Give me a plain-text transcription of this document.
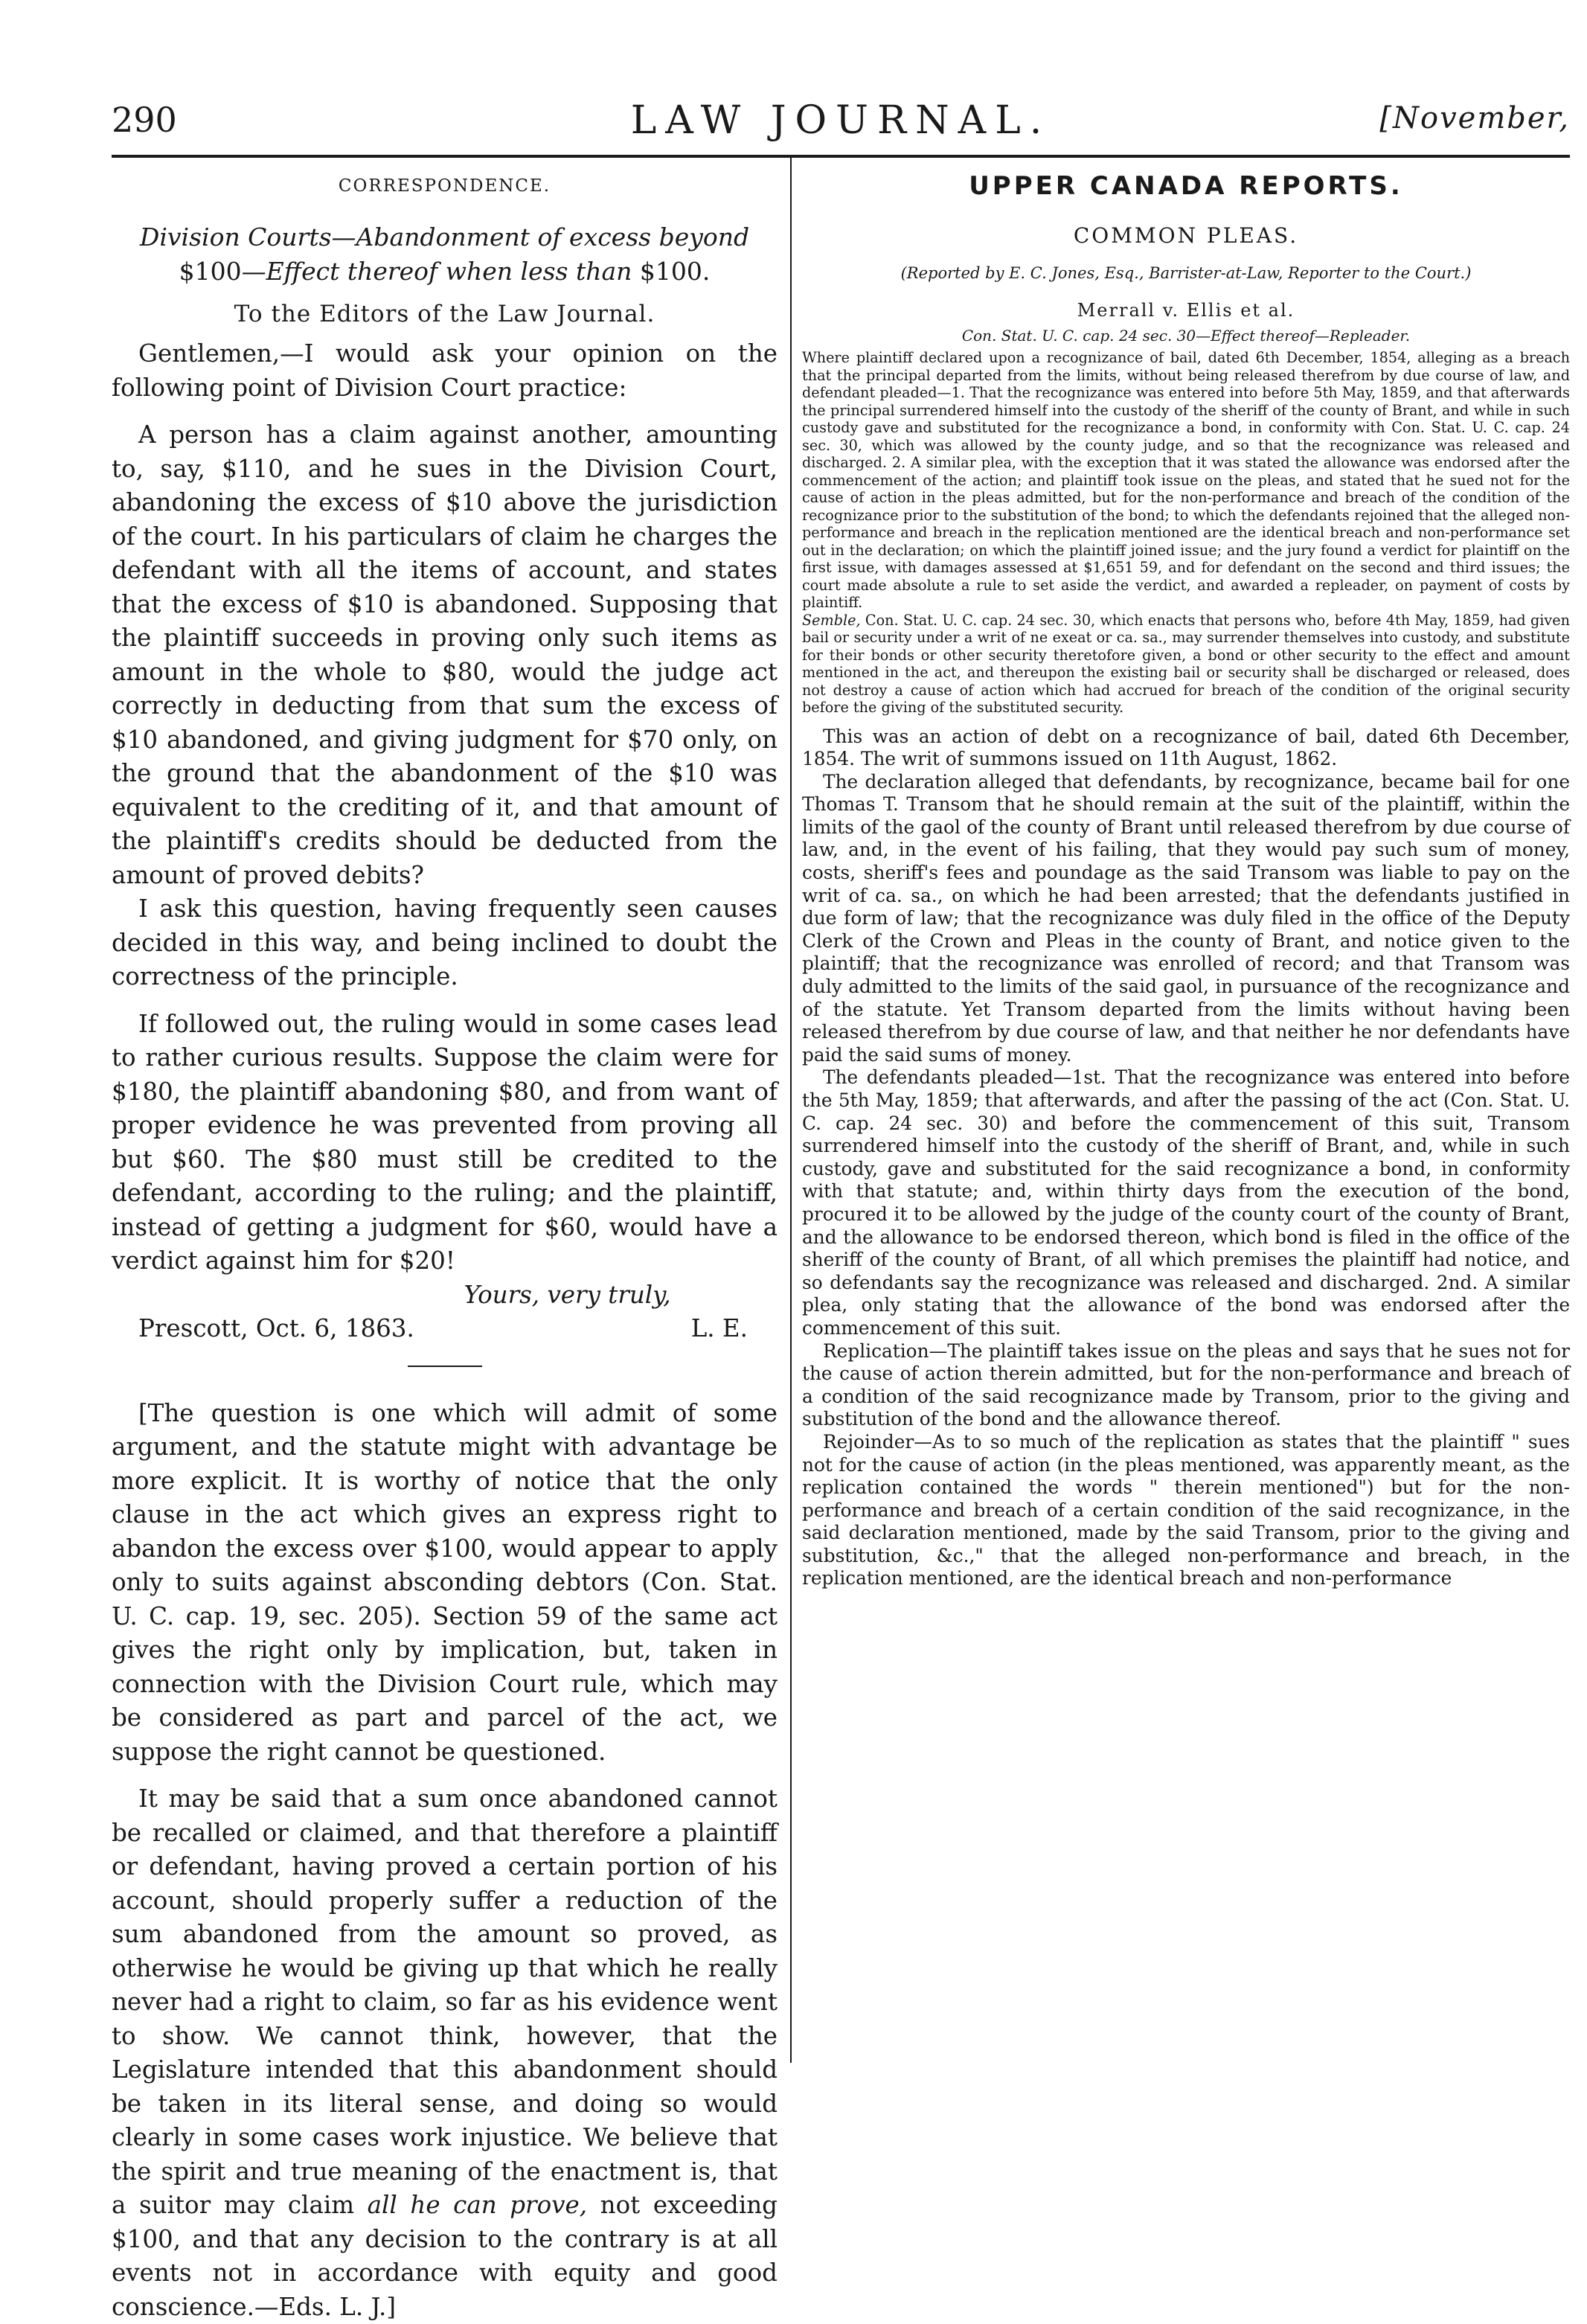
290	LAW JOURNAL.	[November,
CORRESPONDENCE.
Division Courts—Abandonment of excess beyond $100—Effect thereof when less than $100.
To the Editors of the Law Journal.

Gentlemen,—I would ask your opinion on the following point of Division Court practice:

A person has a claim against another, amounting to, say, $110, and he sues in the Division Court, abandoning the excess of $10 above the jurisdiction of the court. In his particulars of claim he charges the defendant with all the items of account, and states that the excess of $10 is abandoned. Supposing that the plaintiff succeeds in proving only such items as amount in the whole to $80, would the judge act correctly in deducting from that sum the excess of $10 abandoned, and giving judgment for $70 only, on the ground that the abandonment of the $10 was equivalent to the crediting of it, and that amount of the plaintiff's credits should be deducted from the amount of proved debits?

I ask this question, having frequently seen causes decided in this way, and being inclined to doubt the correctness of the principle.

If followed out, the ruling would in some cases lead to rather curious results. Suppose the claim were for $180, the plaintiff abandoning $80, and from want of proper evidence he was prevented from proving all but $60. The $80 must still be credited to the defendant, according to the ruling; and the plaintiff, instead of getting a judgment for $60, would have a verdict against him for $20!

Yours, very truly,
Prescott, Oct. 6, 1863.	L. E.

[The question is one which will admit of some argument, and the statute might with advantage be more explicit. It is worthy of notice that the only clause in the act which gives an express right to abandon the excess over $100, would appear to apply only to suits against absconding debtors (Con. Stat. U. C. cap. 19, sec. 205). Section 59 of the same act gives the right only by implication, but, taken in connection with the Division Court rule, which may be considered as part and parcel of the act, we suppose the right cannot be questioned.

It may be said that a sum once abandoned cannot be recalled or claimed, and that therefore a plaintiff or defendant, having proved a certain portion of his account, should properly suffer a reduction of the sum abandoned from the amount so proved, as otherwise he would be giving up that which he really never had a right to claim, so far as his evidence went to show. We cannot think, however, that the Legislature intended that this abandonment should be taken in its literal sense, and doing so would clearly in some cases work injustice. We believe that the spirit and true meaning of the enactment is, that a suitor may claim all he can prove, not exceeding $100, and that any decision to the contrary is at all events not in accordance with equity and good conscience.—Eds. L. J.]

UPPER CANADA REPORTS.
COMMON PLEAS.
(Reported by E. C. Jones, Esq., Barrister-at-Law, Reporter to the Court.)
Merrall v. Ellis et al.
Con. Stat. U. C. cap. 24 sec. 30—Effect thereof—Repleader.

Where plaintiff declared upon a recognizance of bail, dated 6th December, 1854, alleging as a breach that the principal departed from the limits, without being released therefrom by due course of law, and defendant pleaded—1. That the recognizance was entered into before 5th May, 1859, and that afterwards the principal surrendered himself into the custody of the sheriff of the county of Brant, and while in such custody gave and substituted for the recognizance a bond, in conformity with Con. Stat. U. C. cap. 24 sec. 30, which was allowed by the county judge, and so that the recognizance was released and discharged. 2. A similar plea, with the exception that it was stated the allowance was endorsed after the commencement of the action; and plaintiff took issue on the pleas, and stated that he sued not for the cause of action in the pleas admitted, but for the non-performance and breach of the condition of the recognizance prior to the substitution of the bond; to which the defendants rejoined that the alleged non-performance and breach in the replication mentioned are the identical breach and non-performance set out in the declaration; on which the plaintiff joined issue; and the jury found a verdict for plaintiff on the first issue, with damages assessed at $1,651 59, and for defendant on the second and third issues; the court made absolute a rule to set aside the verdict, and awarded a repleader, on payment of costs by plaintiff.

Semble, Con. Stat. U. C. cap. 24 sec. 30, which enacts that persons who, before 4th May, 1859, had given bail or security under a writ of ne exeat or ca. sa., may surrender themselves into custody, and substitute for their bonds or other security theretofore given, a bond or other security to the effect and amount mentioned in the act, and thereupon the existing bail or security shall be discharged or released, does not destroy a cause of action which had accrued for breach of the condition of the original security before the giving of the substituted security.

This was an action of debt on a recognizance of bail, dated 6th December, 1854. The writ of summons issued on 11th August, 1862.

The declaration alleged that defendants, by recognizance, became bail for one Thomas T. Transom that he should remain at the suit of the plaintiff, within the limits of the gaol of the county of Brant until released therefrom by due course of law, and, in the event of his failing, that they would pay such sum of money, costs, sheriff's fees and poundage as the said Transom was liable to pay on the writ of ca. sa., on which he had been arrested; that the defendants justified in due form of law; that the recognizance was duly filed in the office of the Deputy Clerk of the Crown and Pleas in the county of Brant, and notice given to the plaintiff; that the recognizance was enrolled of record; and that Transom was duly admitted to the limits of the said gaol, in pursuance of the recognizance and of the statute. Yet Transom departed from the limits without having been released therefrom by due course of law, and that neither he nor defendants have paid the said sums of money.

The defendants pleaded—1st. That the recognizance was entered into before the 5th May, 1859; that afterwards, and after the passing of the act (Con. Stat. U. C. cap. 24 sec. 30) and before the commencement of this suit, Transom surrendered himself into the custody of the sheriff of Brant, and, while in such custody, gave and substituted for the said recognizance a bond, in conformity with that statute; and, within thirty days from the execution of the bond, procured it to be allowed by the judge of the county court of the county of Brant, and the allowance to be endorsed thereon, which bond is filed in the office of the sheriff of the county of Brant, of all which premises the plaintiff had notice, and so defendants say the recognizance was released and discharged. 2nd. A similar plea, only stating that the allowance of the bond was endorsed after the commencement of this suit.

Replication—The plaintiff takes issue on the pleas and says that he sues not for the cause of action therein admitted, but for the non-performance and breach of a condition of the said recognizance made by Transom, prior to the giving and substitution of the bond and the allowance thereof.

Rejoinder—As to so much of the replication as states that the plaintiff " sues not for the cause of action (in the pleas mentioned, was apparently meant, as the replication contained the words " therein mentioned") but for the non-performance and breach of a certain condition of the said recognizance, in the said declaration mentioned, made by the said Transom, prior to the giving and substitution, &c.," that the alleged non-performance and breach, in the replication mentioned, are the identical breach and non-performance
